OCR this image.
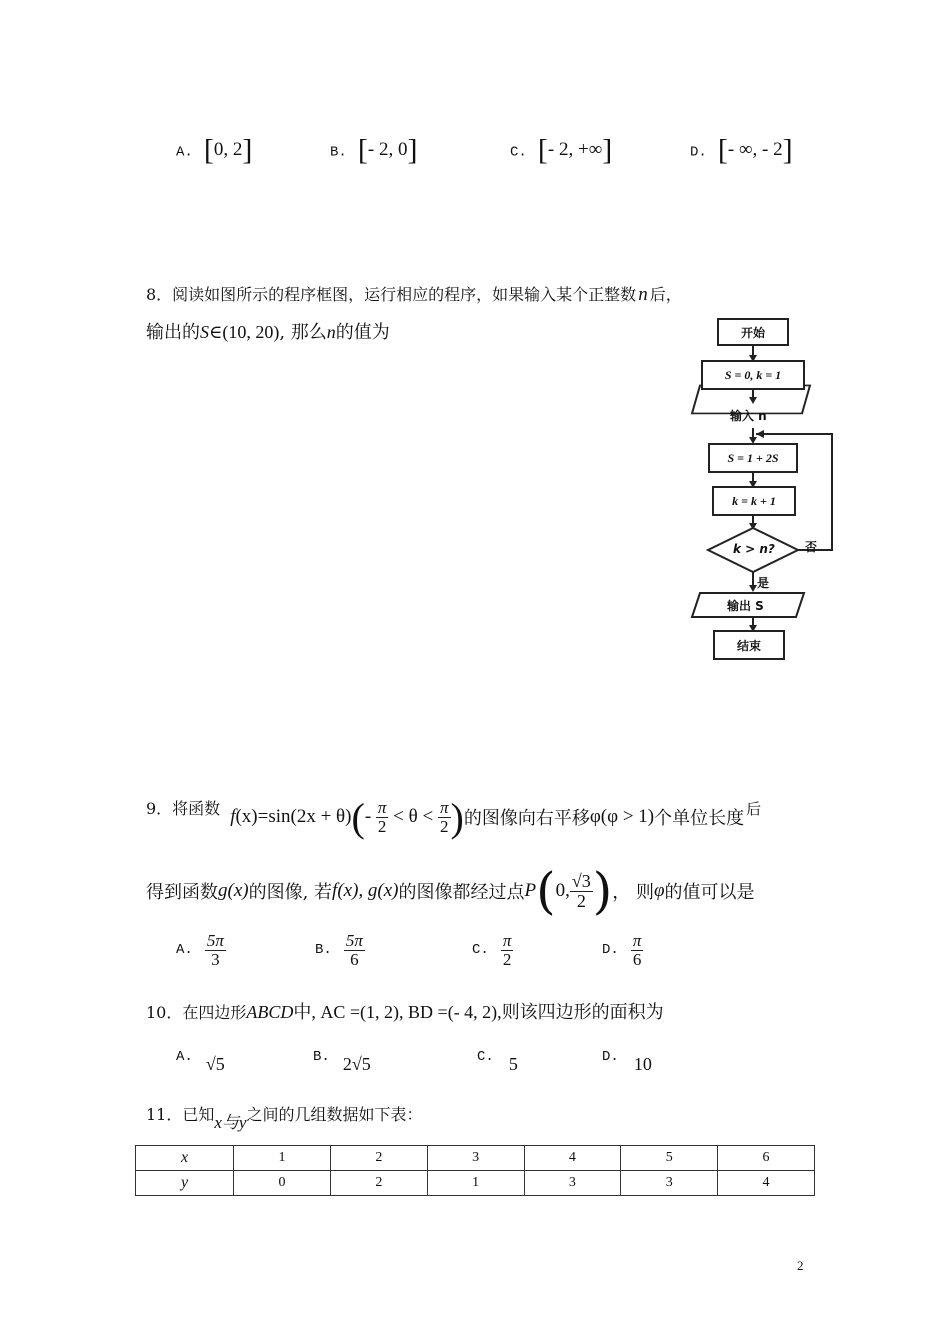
A. [0, 2]	B. [- 2, 0]	C. [- 2, +∞]	D. [- ∞, - 2]
8．阅读如图所示的程序框图，运行相应的程序，如果输入某个正整数 n 后，
输出的S∈(10, 20), 那么n的值为	开始
S = 0, k = 1
输入 n
S = 1 + 2S
k = k + 1
k > n?	否
是
输出 S
结束
9．将函数 $f(x)=\sin(2x + \theta)(- \frac{\pi}{2} < \theta < \frac{\pi}{2}$ ) 的图像向右平移 φ(φ > 1) 个单位长度 后
得到函数 g(x) 的图像, 若 f(x), g(x) 的图像都经过点 P ( 0, $\frac{√3}{2}$ ) ， 则 φ 的值可以是
A. $\frac{5\pi}{3}$	B. $\frac{5\pi}{6}$	C. $\frac{\pi}{2}$	D. $\frac{\pi}{6}$
10．在四边形ABCD中, AC =(1, 2), BD =(- 4, 2),则该四边形的面积为
A. √5	B. 2√5	C. 5	D. 10
11．已知x与y之间的几组数据如下表：
x	1	2	3	4	5	6
y	0	2	1	3	3	4
2
